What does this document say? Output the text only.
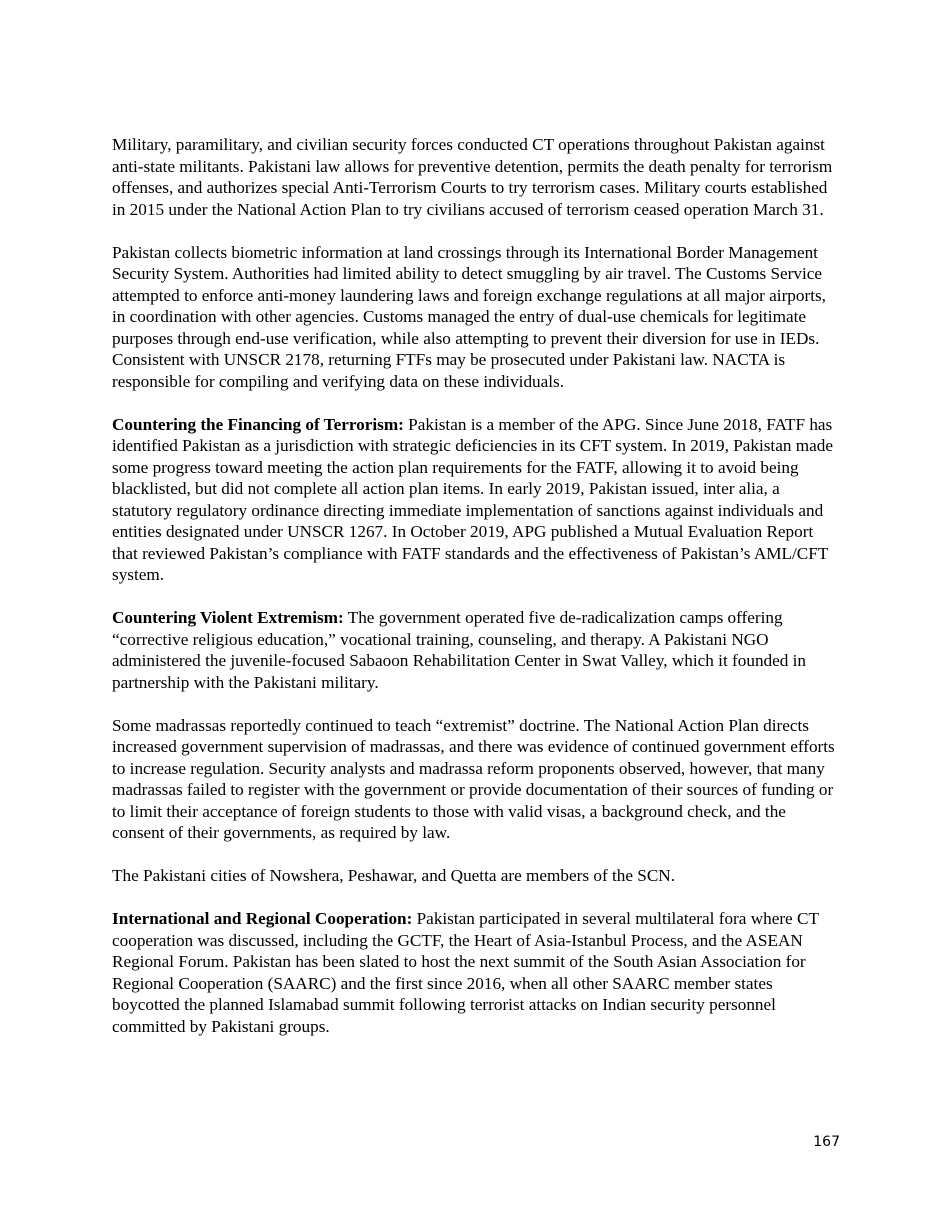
Military, paramilitary, and civilian security forces conducted CT operations throughout Pakistan against anti-state militants. Pakistani law allows for preventive detention, permits the death penalty for terrorism offenses, and authorizes special Anti-Terrorism Courts to try terrorism cases. Military courts established in 2015 under the National Action Plan to try civilians accused of terrorism ceased operation March 31.

Pakistan collects biometric information at land crossings through its International Border Management Security System. Authorities had limited ability to detect smuggling by air travel. The Customs Service attempted to enforce anti-money laundering laws and foreign exchange regulations at all major airports, in coordination with other agencies. Customs managed the entry of dual-use chemicals for legitimate purposes through end-use verification, while also attempting to prevent their diversion for use in IEDs. Consistent with UNSCR 2178, returning FTFs may be prosecuted under Pakistani law. NACTA is responsible for compiling and verifying data on these individuals.

Countering the Financing of Terrorism: Pakistan is a member of the APG. Since June 2018, FATF has identified Pakistan as a jurisdiction with strategic deficiencies in its CFT system. In 2019, Pakistan made some progress toward meeting the action plan requirements for the FATF, allowing it to avoid being blacklisted, but did not complete all action plan items. In early 2019, Pakistan issued, inter alia, a statutory regulatory ordinance directing immediate implementation of sanctions against individuals and entities designated under UNSCR 1267. In October 2019, APG published a Mutual Evaluation Report that reviewed Pakistan’s compliance with FATF standards and the effectiveness of Pakistan’s AML/CFT system.

Countering Violent Extremism: The government operated five de-radicalization camps offering “corrective religious education,” vocational training, counseling, and therapy. A Pakistani NGO administered the juvenile-focused Sabaoon Rehabilitation Center in Swat Valley, which it founded in partnership with the Pakistani military.

Some madrassas reportedly continued to teach “extremist” doctrine. The National Action Plan directs increased government supervision of madrassas, and there was evidence of continued government efforts to increase regulation. Security analysts and madrassa reform proponents observed, however, that many madrassas failed to register with the government or provide documentation of their sources of funding or to limit their acceptance of foreign students to those with valid visas, a background check, and the consent of their governments, as required by law.

The Pakistani cities of Nowshera, Peshawar, and Quetta are members of the SCN.

International and Regional Cooperation: Pakistan participated in several multilateral fora where CT cooperation was discussed, including the GCTF, the Heart of Asia-Istanbul Process, and the ASEAN Regional Forum. Pakistan has been slated to host the next summit of the South Asian Association for Regional Cooperation (SAARC) and the first since 2016, when all other SAARC member states boycotted the planned Islamabad summit following terrorist attacks on Indian security personnel committed by Pakistani groups.

167
